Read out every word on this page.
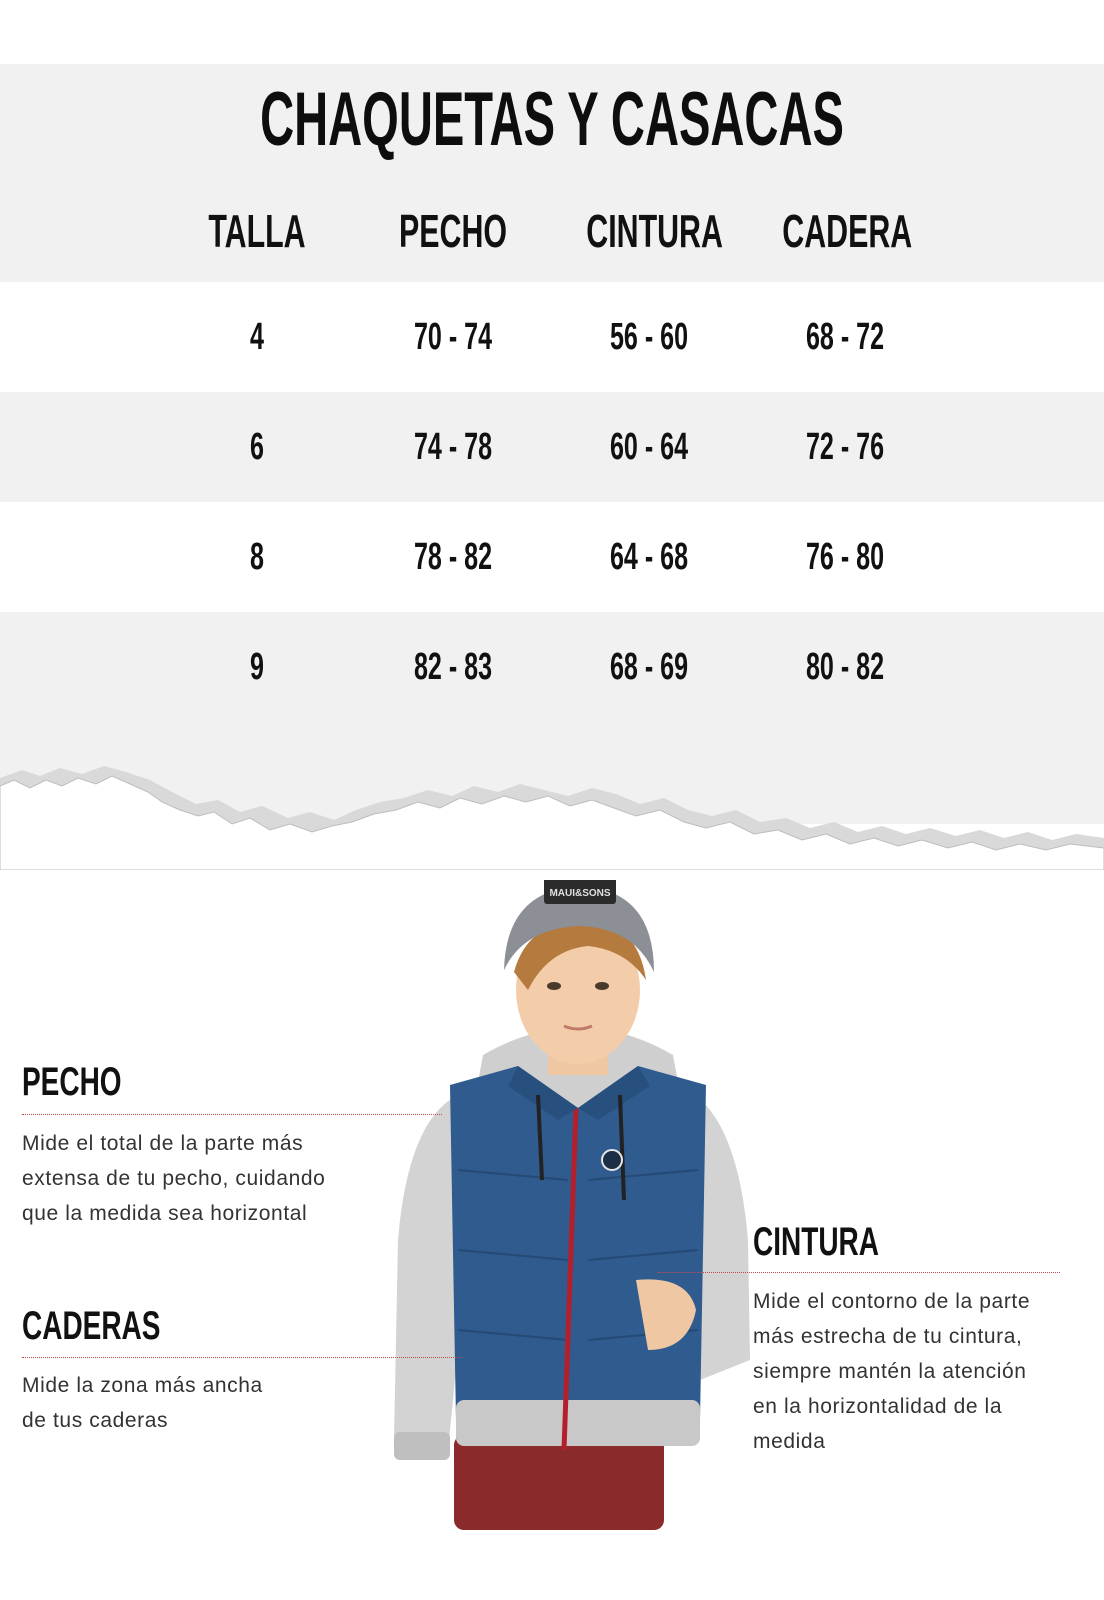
CHAQUETAS Y CASACAS
TALLA	PECHO CINTURA CADERA
4	70 - 74	56 - 60	68 - 72
6	74 - 78	60 - 64	72 - 76
8	78 - 82	64 - 68	76 - 80
9	82 - 83	68 - 69	80 - 82
MAUI&SONS
PECHO
Mide el total de la parte más
extensa de tu pecho, cuidando
que la medida sea horizontal
CADERAS
Mide la zona más ancha
de tus caderas
CINTURA
Mide el contorno de la parte
más estrecha de tu cintura,
siempre mantén la atención
en la horizontalidad de la
medida
